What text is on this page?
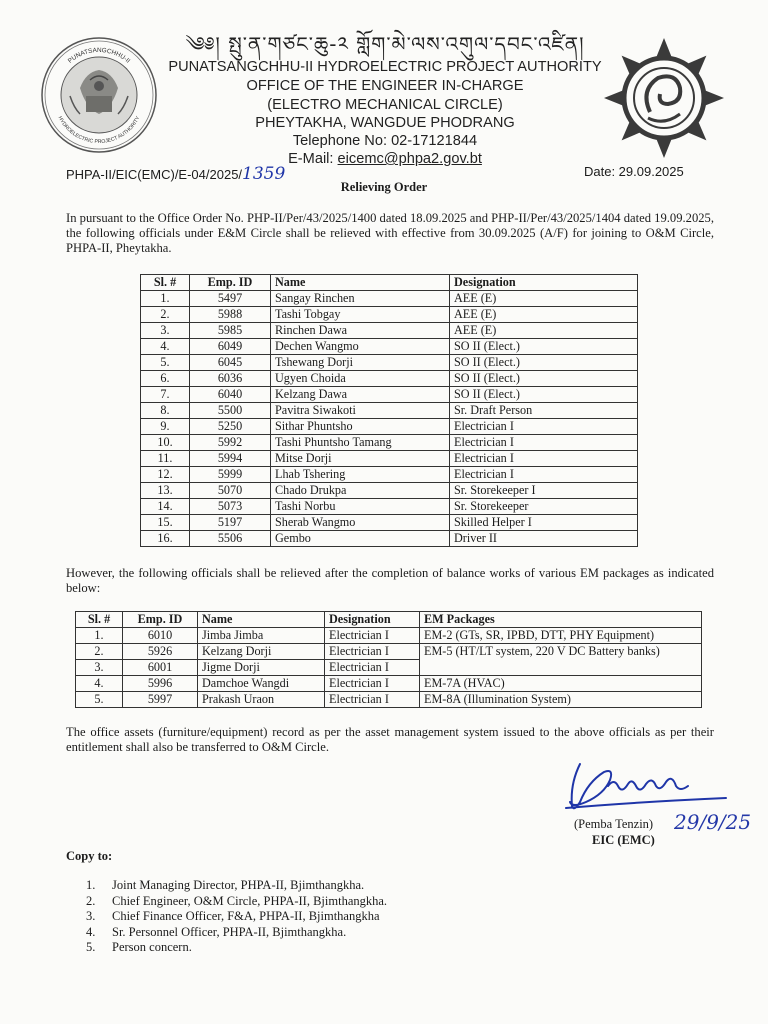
PUNATSANGCHHU-II
HYDROELECTRIC PROJECT AUTHORITY
༄༅། སྤུ་ན་གཙང་ཆུ-༢ གློག་མེ་ལས་འགུལ་དབང་འཛིན།
PUNATSANGCHHU-II HYDROELECTRIC PROJECT AUTHORITY
OFFICE OF THE ENGINEER IN-CHARGE
(ELECTRO MECHANICAL CIRCLE)
PHEYTAKHA, WANGDUE PHODRANG
Telephone No: 02-17121844
E-Mail: eicemc@phpa2.gov.bt
PHPA-II/EIC(EMC)/E-04/2025/1359	Date: 29.09.2025
Relieving Order
In pursuant to the Office Order No. PHP-II/Per/43/2025/1400 dated 18.09.2025 and PHP-II/Per/43/2025/1404 dated 19.09.2025, the following officials under E&M Circle shall be relieved with effective from 30.09.2025 (A/F) for joining to O&M Circle, PHPA-II, Pheytakha.
Sl. #	Emp. ID	Name	Designation
1.	5497	Sangay Rinchen	AEE (E)
2.	5988	Tashi Tobgay	AEE (E)
3.	5985	Rinchen Dawa	AEE (E)
4.	6049	Dechen Wangmo	SO II (Elect.)
5.	6045	Tshewang Dorji	SO II (Elect.)
6.	6036	Ugyen Choida	SO II (Elect.)
7.	6040	Kelzang Dawa	SO II (Elect.)
8.	5500	Pavitra Siwakoti	Sr. Draft Person
9.	5250	Sithar Phuntsho	Electrician I
10.	5992	Tashi Phuntsho Tamang	Electrician I
11.	5994	Mitse Dorji	Electrician I
12.	5999	Lhab Tshering	Electrician I
13.	5070	Chado Drukpa	Sr. Storekeeper I
14.	5073	Tashi Norbu	Sr. Storekeeper
15.	5197	Sherab Wangmo	Skilled Helper I
16.	5506	Gembo	Driver II
However, the following officials shall be relieved after the completion of balance works of various EM packages as indicated below:
Sl. #	Emp. ID	Name	Designation	EM Packages
1.	6010	Jimba Jimba	Electrician I	EM-2 (GTs, SR, IPBD, DTT, PHY Equipment)
2.	5926	Kelzang Dorji	Electrician I	EM-5 (HT/LT system, 220 V DC Battery banks)
3.	6001	Jigme Dorji	Electrician I	
4.	5996	Damchoe Wangdi	Electrician I	EM-7A (HVAC)
5.	5997	Prakash Uraon	Electrician I	EM-8A (Illumination System)
The office assets (furniture/equipment) record as per the asset management system issued to the above officials as per their entitlement shall also be transferred to O&M Circle.
(Pemba Tenzin) 29/9/25
EIC (EMC)
Copy to:
1.	Joint Managing Director, PHPA-II, Bjimthangkha.
2.	Chief Engineer, O&M Circle, PHPA-II, Bjimthangkha.
3.	Chief Finance Officer, F&A, PHPA-II, Bjimthangkha
4.	Sr. Personnel Officer, PHPA-II, Bjimthangkha.
5.	Person concern.
